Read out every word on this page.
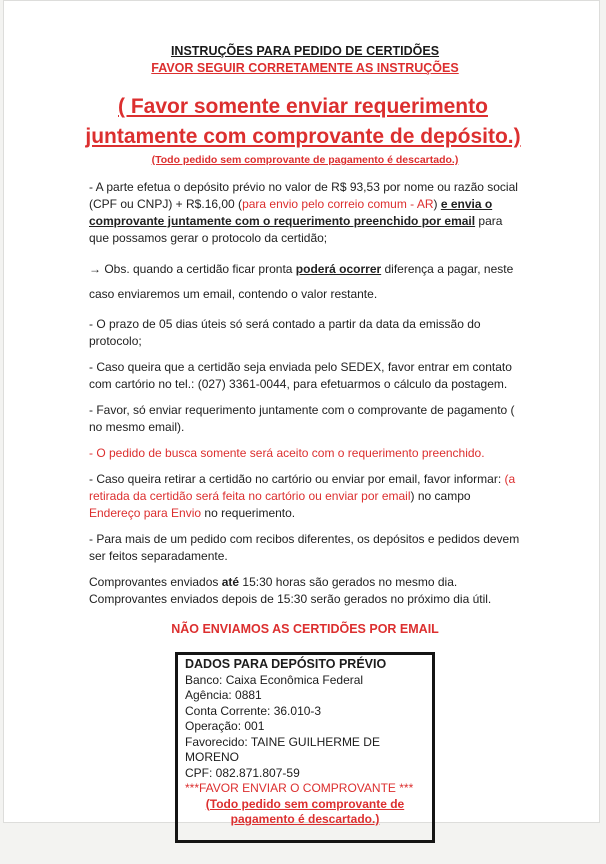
INSTRUÇÕES PARA PEDIDO DE CERTIDÕES
FAVOR SEGUIR CORRETAMENTE AS INSTRUÇÕES
( Favor somente enviar requerimento juntamente com comprovante de depósito.)
(Todo pedido sem comprovante de pagamento é descartado.)

- A parte efetua o depósito prévio no valor de R$ 93,53 por nome ou razão social (CPF ou CNPJ) + R$.16,00 (para envio pelo correio comum - AR) e envia o comprovante juntamente com o requerimento preenchido por email para que possamos gerar o protocolo da certidão;

→ Obs. quando a certidão ficar pronta poderá ocorrer diferença a pagar, neste caso enviaremos um email, contendo o valor restante.

- O prazo de 05 dias úteis só será contado a partir da data da emissão do protocolo;

- Caso queira que a certidão seja enviada pelo SEDEX, favor entrar em contato com cartório no tel.: (027) 3361-0044, para efetuarmos o cálculo da postagem.

- Favor, só enviar requerimento juntamente com o comprovante de pagamento ( no mesmo email).

- O pedido de busca somente será aceito com o requerimento preenchido.

- Caso queira retirar a certidão no cartório ou enviar por email, favor informar: (a retirada da certidão será feita no cartório ou enviar por email) no campo Endereço para Envio no requerimento.

- Para mais de um pedido com recibos diferentes, os depósitos e pedidos devem ser feitos separadamente.

Comprovantes enviados até 15:30 horas são gerados no mesmo dia.

Comprovantes enviados depois de 15:30 serão gerados no próximo dia útil.

NÃO ENVIAMOS AS CERTIDÕES POR EMAIL
DADOS PARA DEPÓSITO PRÉVIO
Banco: Caixa Econômica Federal
Agência: 0881
Conta Corrente: 36.010-3
Operação: 001
Favorecido: TAINE GUILHERME DE MORENO
CPF: 082.871.807-59
***FAVOR ENVIAR O COMPROVANTE ***
(Todo pedido sem comprovante de pagamento é descartado.)
